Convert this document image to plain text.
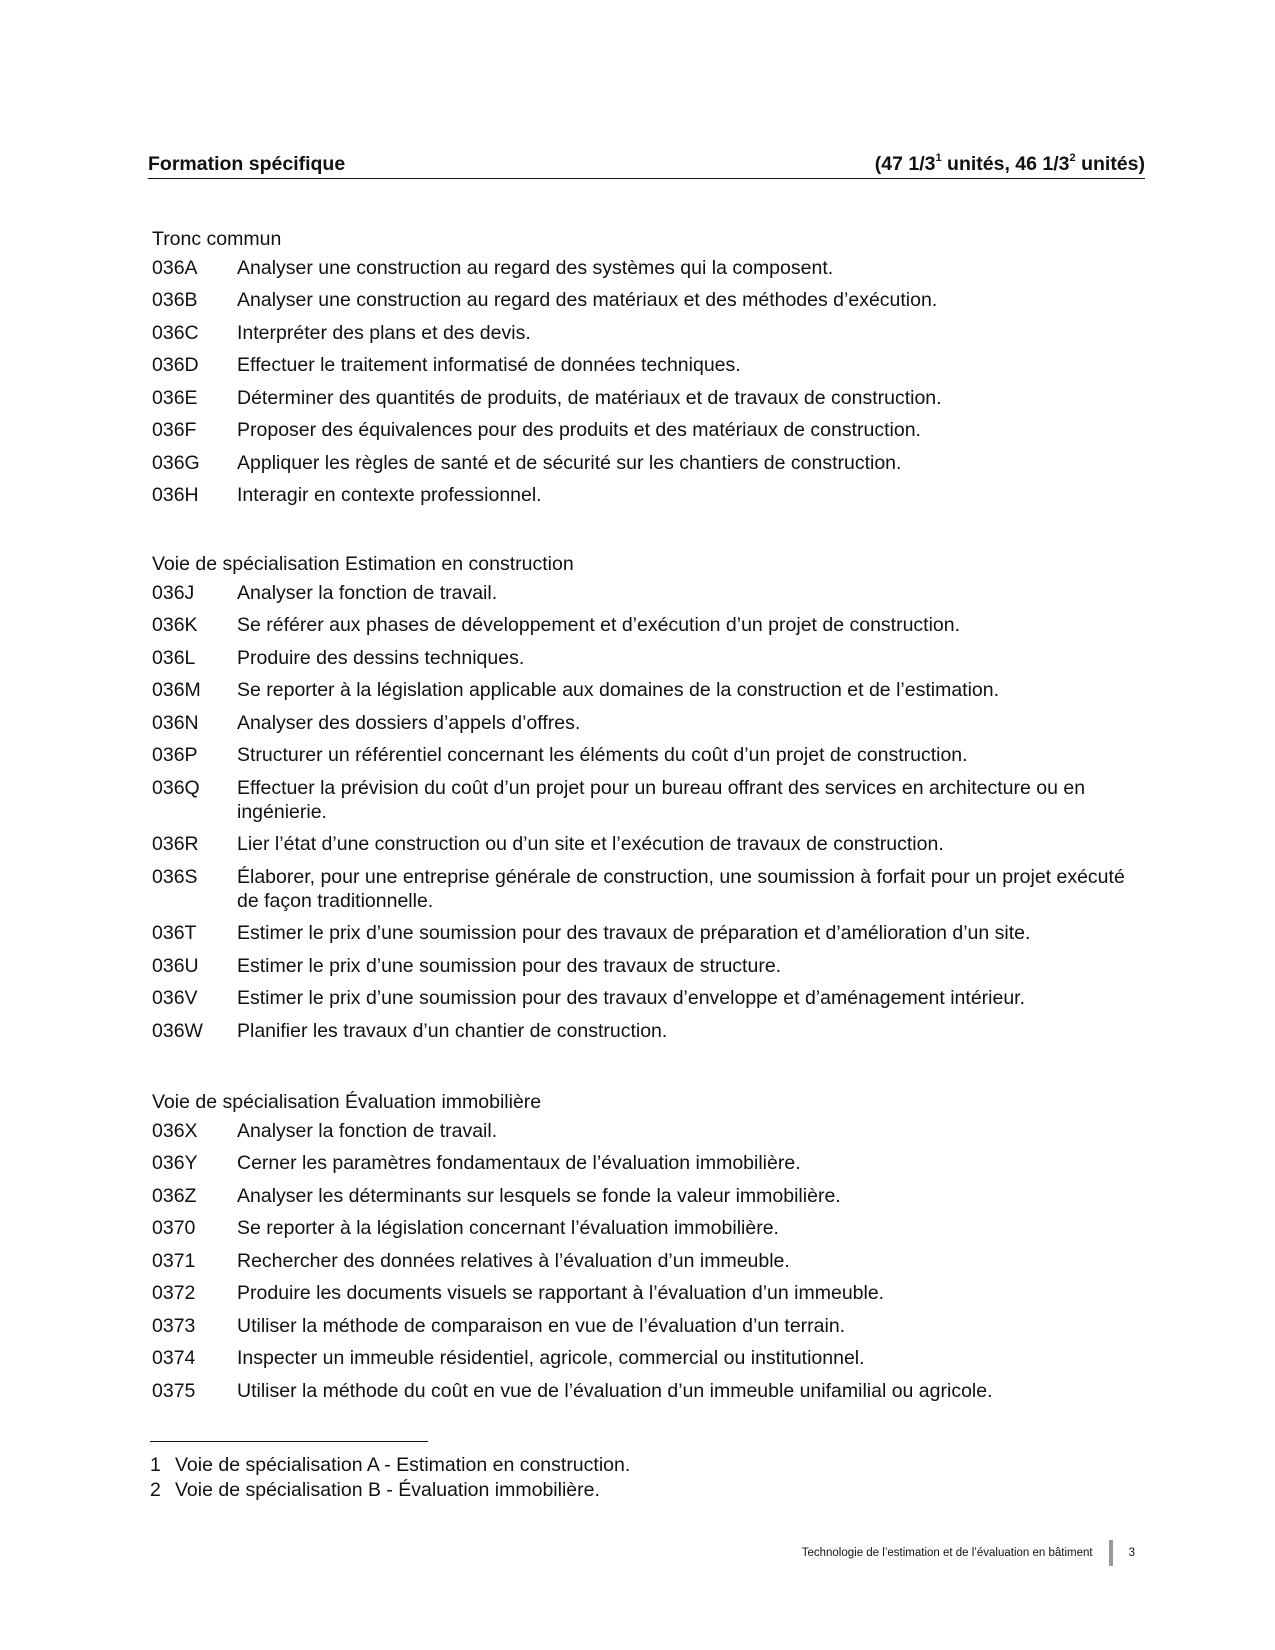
Formation spécifique	(47 $1/3^1$ unités, 46 $1/3^2$ unités)
Tronc commun
036A	Analyser une construction au regard des systèmes qui la composent.
036B	Analyser une construction au regard des matériaux et des méthodes d’exécution.
036C	Interpréter des plans et des devis.
036D	Effectuer le traitement informatisé de données techniques.
036E	Déterminer des quantités de produits, de matériaux et de travaux de construction.
036F	Proposer des équivalences pour des produits et des matériaux de construction.
036G	Appliquer les règles de santé et de sécurité sur les chantiers de construction.
036H	Interagir en contexte professionnel.
Voie de spécialisation Estimation en construction
036J	Analyser la fonction de travail.
036K	Se référer aux phases de développement et d’exécution d’un projet de construction.
036L	Produire des dessins techniques.
036M	Se reporter à la législation applicable aux domaines de la construction et de l’estimation.
036N	Analyser des dossiers d’appels d’offres.
036P	Structurer un référentiel concernant les éléments du coût d’un projet de construction.
036Q	Effectuer la prévision du coût d’un projet pour un bureau offrant des services en architecture ou en ingénierie.
036R	Lier l’état d’une construction ou d’un site et l’exécution de travaux de construction.
036S	Élaborer, pour une entreprise générale de construction, une soumission à forfait pour un projet exécuté de façon traditionnelle.
036T	Estimer le prix d’une soumission pour des travaux de préparation et d’amélioration d’un site.
036U	Estimer le prix d’une soumission pour des travaux de structure.
036V	Estimer le prix d’une soumission pour des travaux d’enveloppe et d’aménagement intérieur.
036W	Planifier les travaux d’un chantier de construction.
Voie de spécialisation Évaluation immobilière
036X	Analyser la fonction de travail.
036Y	Cerner les paramètres fondamentaux de l’évaluation immobilière.
036Z	Analyser les déterminants sur lesquels se fonde la valeur immobilière.
0370	Se reporter à la législation concernant l’évaluation immobilière.
0371	Rechercher des données relatives à l’évaluation d’un immeuble.
0372	Produire les documents visuels se rapportant à l’évaluation d’un immeuble.
0373	Utiliser la méthode de comparaison en vue de l’évaluation d’un terrain.
0374	Inspecter un immeuble résidentiel, agricole, commercial ou institutionnel.
0375	Utiliser la méthode du coût en vue de l’évaluation d’un immeuble unifamilial ou agricole.
1 Voie de spécialisation A - Estimation en construction.
2 Voie de spécialisation B - Évaluation immobilière.
Technologie de l’estimation et de l’évaluation en bâtiment	3
